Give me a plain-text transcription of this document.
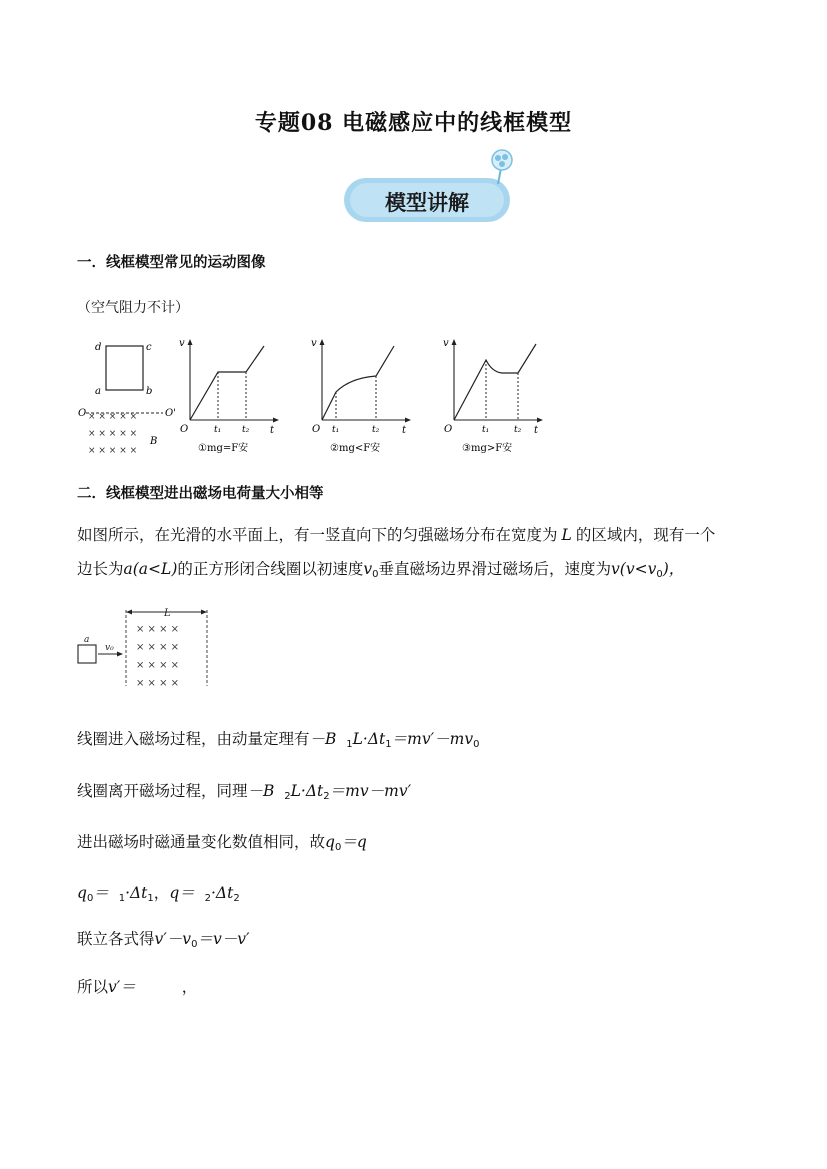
专题08 电磁感应中的线框模型
模型讲解
一．线框模型常见的运动图像
（空气阻力不计）
d	c
a	b
O	O'
× × × × ×
× × × × ×
× × × × ×
B
v
t
O	t₁ t₂
①mg=F安
v
t
O t₁	t₂
②mg<F安
v
t
O	t₁	t₂
③mg>F安
二．线框模型进出磁场电荷量大小相等
如图所示，在光滑的水平面上，有一竖直向下的匀强磁场分布在宽度为 L 的区域内，现有一个
边长为a(a<L)的正方形闭合线圈以初速度$v_0$垂直磁场边界滑过磁场后，速度为$v(v<v_0)$，
L
× × × ×
× × × ×
× × × ×
× × × ×
a
v₀
线圈进入磁场过程，由动量定理有－B $_1L\cdot\Delta t_1=mv'-mv_0$
线圈离开磁场过程，同理－B $_2L\cdot\Delta t_2=mv-mv'$
进出磁场时磁通量变化数值相同，故$q_0=q$
$q_0= _1\cdot\Delta t_1$，$q= _2\cdot\Delta t_2$
联立各式得$v'-v_0=v-v'$
所以v′＝	，
